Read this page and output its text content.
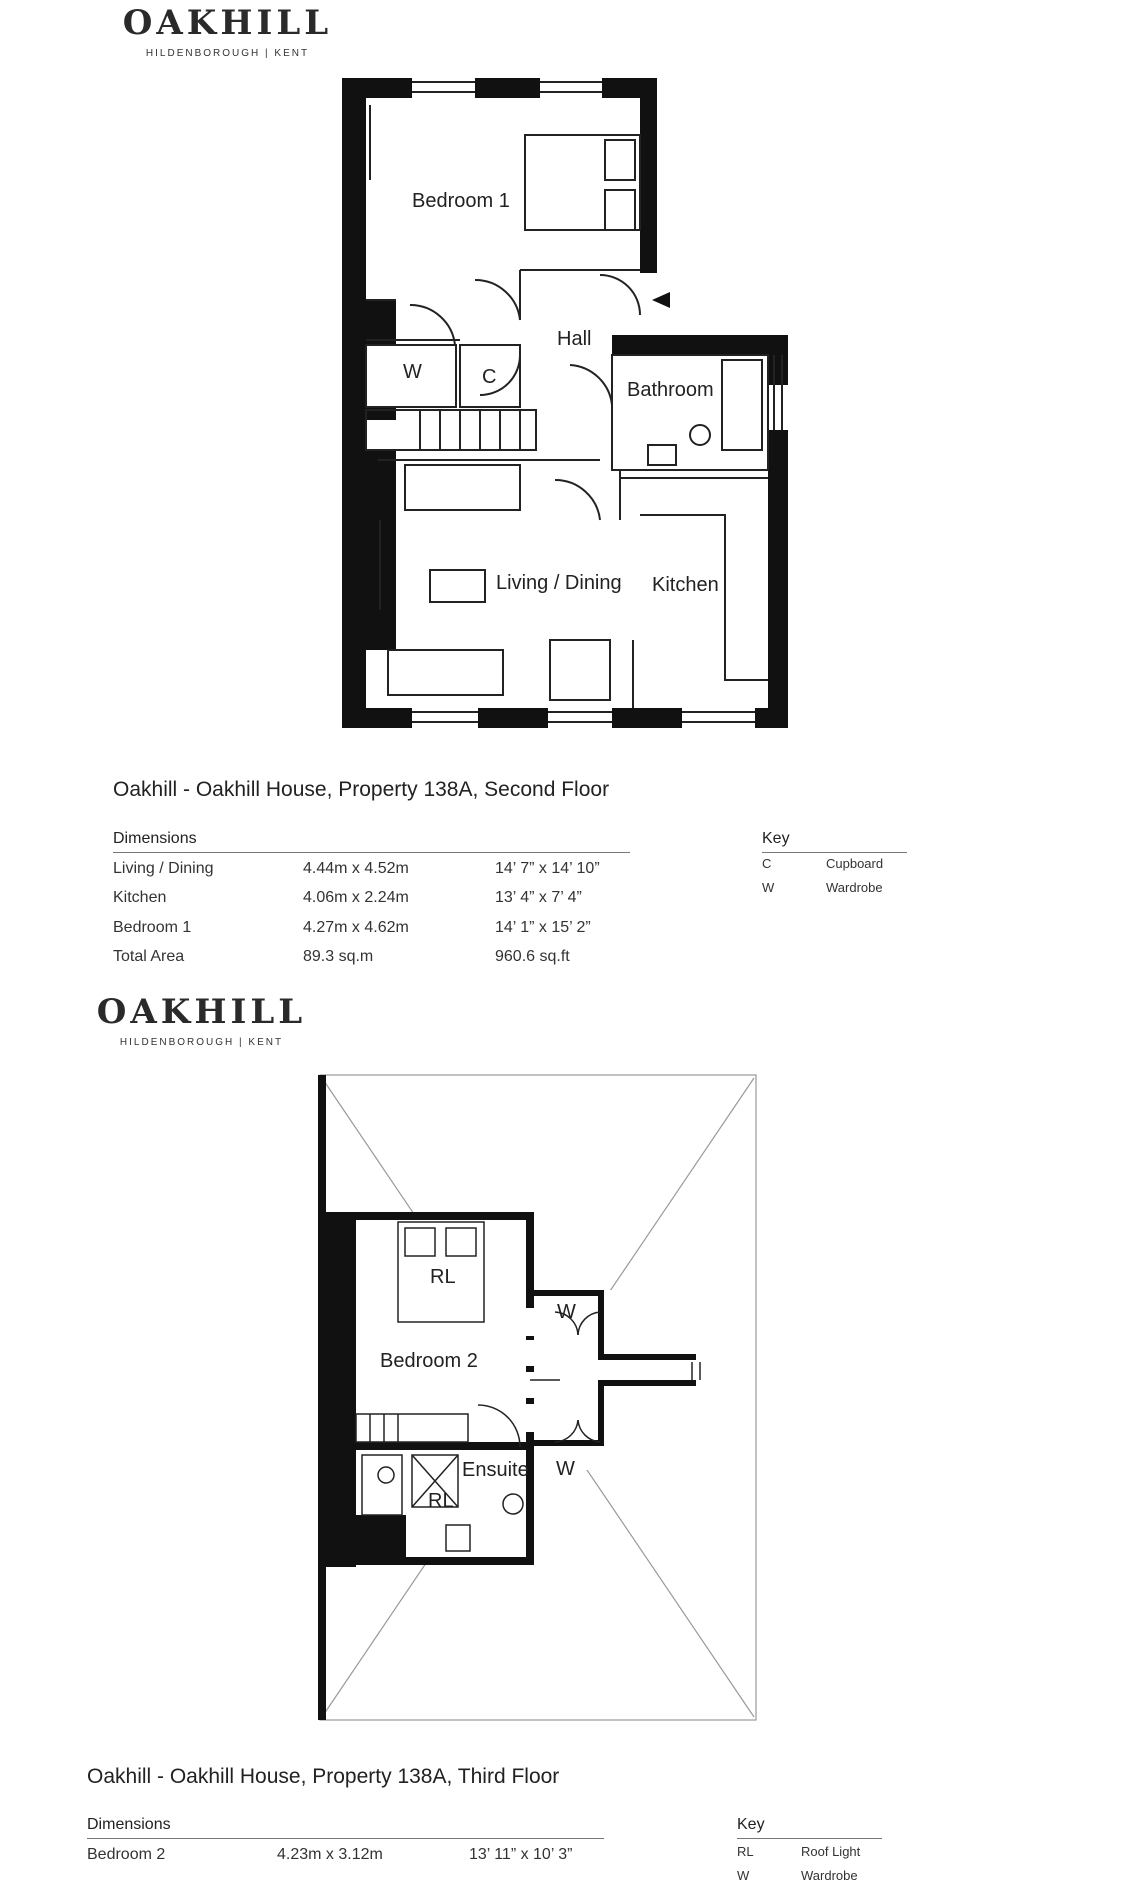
OAKHILL
HILDENBOROUGH | KENT
Bedroom 1
Hall
W	C
Bathroom
Living / Dining Kitchen
Oakhill - Oakhill House, Property 138A, Second Floor
Dimensions
Living / Dining	4.44m x 4.52m	14’ 7” x 14’ 10”
Kitchen	4.06m x 2.24m	13’ 4” x 7’ 4”
Bedroom 1	4.27m x 4.62m	14’ 1” x 15’ 2”
Total Area	89.3 sq.m	960.6 sq.ft
Key
C	Cupboard
W	Wardrobe
OAKHILL
HILDENBOROUGH | KENT
RL
Bedroom 2
W
W
Ensuite
RL
Oakhill - Oakhill House, Property 138A, Third Floor
Dimensions
Bedroom 2	4.23m x 3.12m	13’ 11” x 10’ 3”
Key
RL	Roof Light
W	Wardrobe
